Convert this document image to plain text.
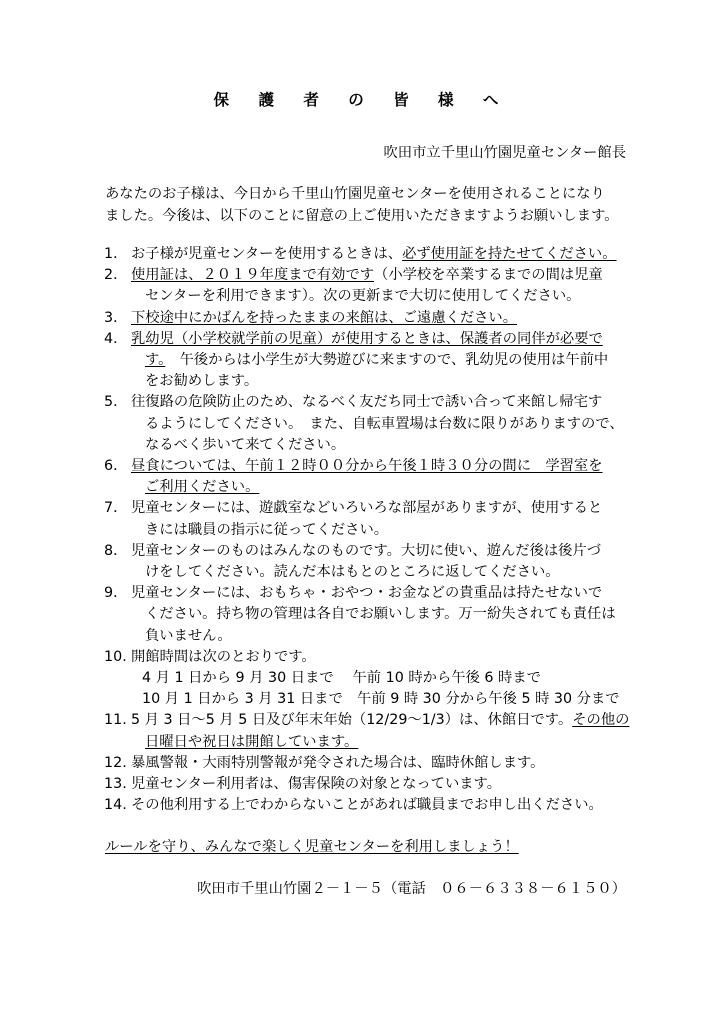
保 護 者 の 皆 様 へ
吹田市立千里山竹園児童センター館長
あなたのお子様は、今日から千里山竹園児童センターを使用されることになり
ました。今後は、以下のことに留意の上ご使用いただきますようお願いします。
1． お子様が児童センターを使用するときは、必ず使用証を持たせてください。
2． 使用証は、２０１９年度まで有効です（小学校を卒業するまでの間は児童
センターを利用できます）。次の更新まで大切に使用してください。
3． 下校途中にかばんを持ったままの来館は、ご遠慮ください。
4． 乳幼児（小学校就学前の児童）が使用するときは、保護者の同伴が必要で
す。　午後からは小学生が大勢遊びに来ますので、乳幼児の使用は午前中
をお勧めします。
5． 往復路の危険防止のため、なるべく友だち同士で誘い合って来館し帰宅す
るようにしてください。　また、自転車置場は台数に限りがありますので、
なるべく歩いて来てください。
6． 昼食については、午前１２時００分から午後１時３０分の間に　学習室を
ご利用ください。
7． 児童センターには、遊戯室などいろいろな部屋がありますが、使用すると
きには職員の指示に従ってください。
8． 児童センターのものはみんなのものです。大切に使い、遊んだ後は後片づ
けをしてください。読んだ本はもとのところに返してください。
9． 児童センターには、おもちゃ・おやつ・お金などの貴重品は持たせないで
ください。持ち物の管理は各自でお願いします。万一紛失されても責任は
負いません。
10. 開館時間は次のとおりです。
4 月 1 日から 9 月 30 日まで　 午前 10 時から午後 6 時まで
10 月 1 日から 3 月 31 日まで　午前 9 時 30 分から午後 5 時 30 分まで
11. 5 月 3 日～5 月 5 日及び年末年始（12/29～1/3）は、休館日です。その他の
日曜日や祝日は開館しています。
12. 暴風警報・大雨特別警報が発令された場合は、臨時休館します。
13. 児童センター利用者は、傷害保険の対象となっています。
14. その他利用する上でわからないことがあれば職員までお申し出ください。
ルールを守り、みんなで楽しく児童センターを利用しましょう！
吹田市千里山竹園２－１－５（電話　０６－６３３８－６１５０）
